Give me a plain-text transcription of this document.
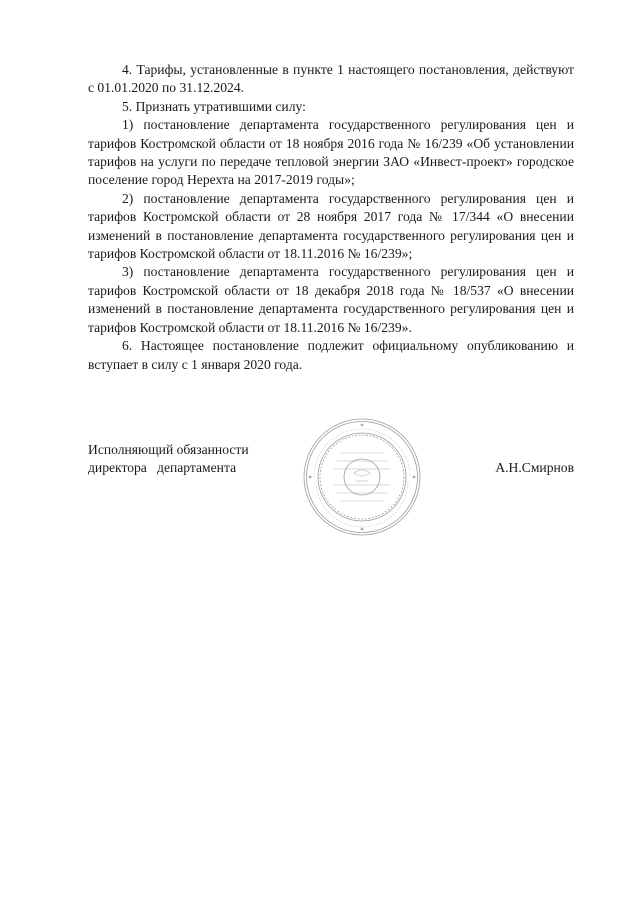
4. Тарифы, установленные в пункте 1 настоящего постановления, действуют с 01.01.2020 по 31.12.2024.

5. Признать утратившими силу:

1) постановление департамента государственного регулирования цен и тарифов Костромской области от 18 ноября 2016 года № 16/239 «Об установлении тарифов на услуги по передаче тепловой энергии ЗАО «Инвест-проект» городское поселение город Нерехта на 2017-2019 годы»;

2) постановление департамента государственного регулирования цен и тарифов Костромской области от 28 ноября 2017 года № 17/344 «О внесении изменений в постановление департамента государственного регулирования цен и тарифов Костромской области от 18.11.2016 № 16/239»;

3) постановление департамента государственного регулирования цен и тарифов Костромской области от 18 декабря 2018 года № 18/537 «О внесении изменений в постановление департамента государственного регулирования цен и тарифов Костромской области от 18.11.2016 № 16/239».

6. Настоящее постановление подлежит официальному опубликованию и вступает в силу с 1 января 2020 года.

Исполняющий обязанности
директора   департамента	А.Н.Смирнов
